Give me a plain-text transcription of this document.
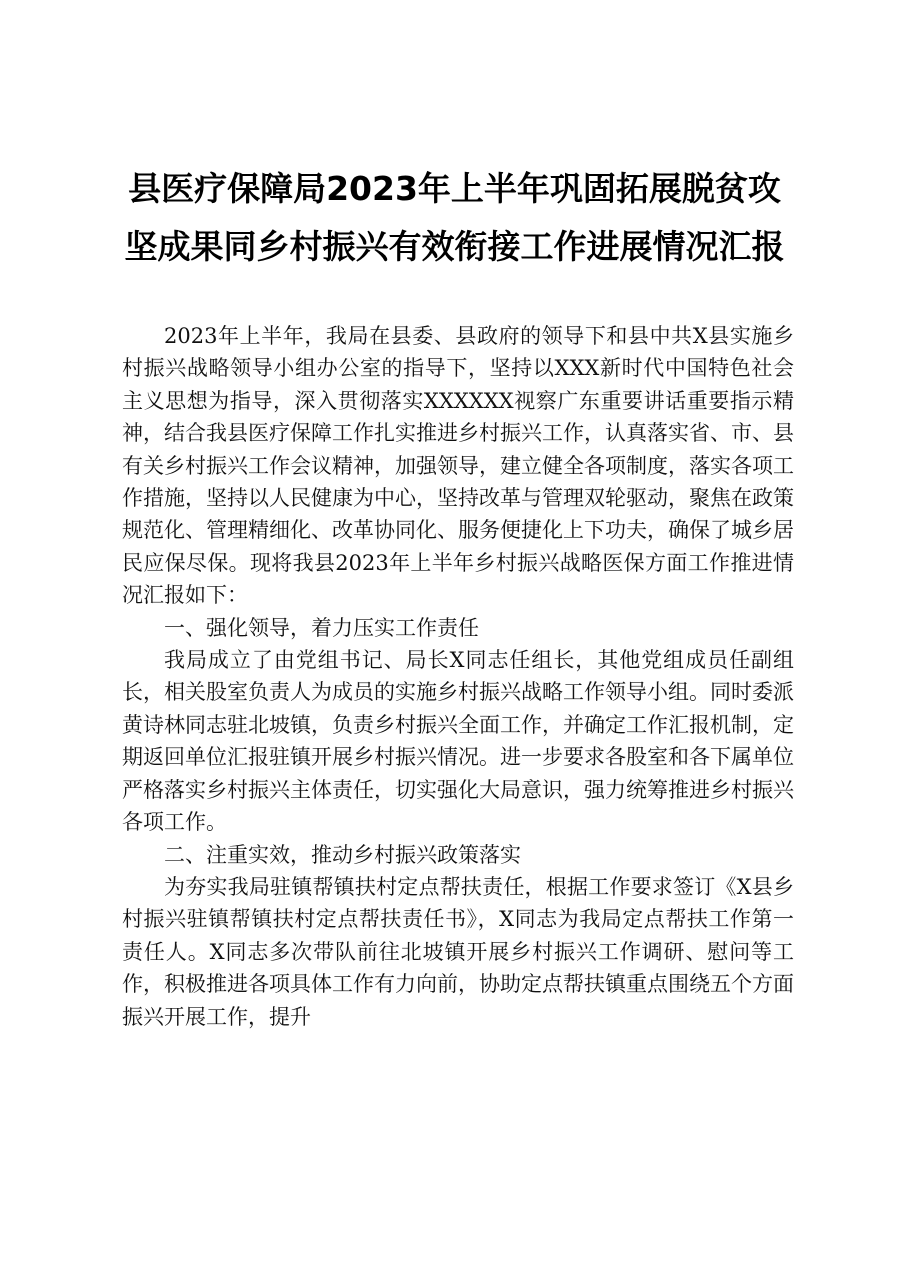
县医疗保障局2023年上半年巩固拓展脱贫攻
坚成果同乡村振兴有效衔接工作进展情况汇报

2023年上半年，我局在县委、县政府的领导下和县中共X县实施乡村振兴战略领导小组办公室的指导下，坚持以XXX新时代中国特色社会主义思想为指导，深入贯彻落实XXXXXX视察广东重要讲话重要指示精神，结合我县医疗保障工作扎实推进乡村振兴工作，认真落实省、市、县有关乡村振兴工作会议精神，加强领导，建立健全各项制度，落实各项工作措施，坚持以人民健康为中心，坚持改革与管理双轮驱动，聚焦在政策规范化、管理精细化、改革协同化、服务便捷化上下功夫，确保了城乡居民应保尽保。现将我县2023年上半年乡村振兴战略医保方面工作推进情况汇报如下：

一、强化领导，着力压实工作责任

我局成立了由党组书记、局长X同志任组长，其他党组成员任副组长，相关股室负责人为成员的实施乡村振兴战略工作领导小组。同时委派黄诗林同志驻北坡镇，负责乡村振兴全面工作，并确定工作汇报机制，定期返回单位汇报驻镇开展乡村振兴情况。进一步要求各股室和各下属单位严格落实乡村振兴主体责任，切实强化大局意识，强力统筹推进乡村振兴各项工作。

二、注重实效，推动乡村振兴政策落实

为夯实我局驻镇帮镇扶村定点帮扶责任，根据工作要求签订《X县乡村振兴驻镇帮镇扶村定点帮扶责任书》，X同志为我局定点帮扶工作第一责任人。X同志多次带队前往北坡镇开展乡村振兴工作调研、慰问等工作，积极推进各项具体工作有力向前，协助定点帮扶镇重点围绕五个方面振兴开展工作，提升
